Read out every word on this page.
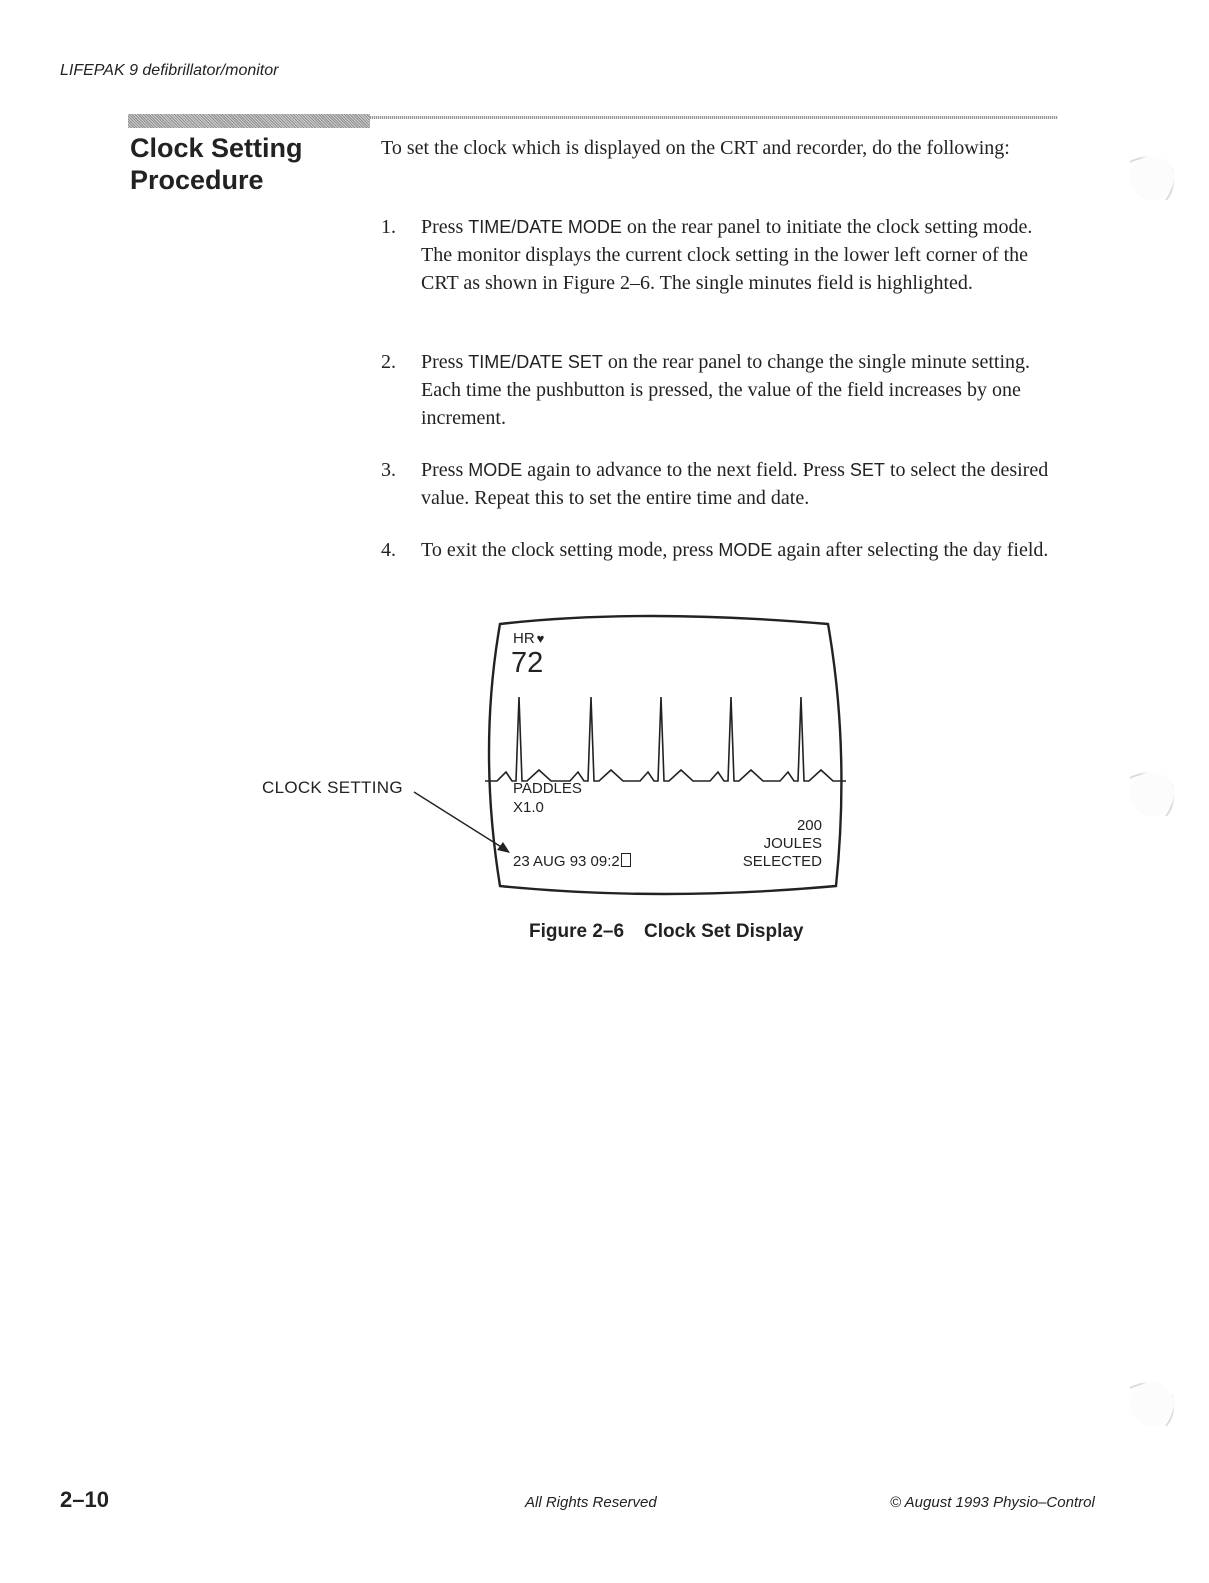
LIFEPAK 9 defibrillator/monitor
Clock Setting
Procedure
To set the clock which is displayed on the CRT and recorder, do the following:
1. Press TIME/DATE MODE on the rear panel to initiate the clock setting mode. The monitor displays the current clock setting in the lower left corner of the CRT as shown in Figure 2–6. The single minutes field is highlighted.
2. Press TIME/DATE SET on the rear panel to change the single minute setting. Each time the pushbutton is pressed, the value of the field increases by one increment.
3. Press MODE again to advance to the next field. Press SET to select the desired value. Repeat this to set the entire time and date.
4. To exit the clock setting mode, press MODE again after selecting the day field.
CLOCK SETTING
HR ♥
72
PADDLES
X1.0
200
JOULES
SELECTED
23 AUG 93 09:2
Figure 2–6 Clock Set Display
2–10	All Rights Reserved	© August 1993 Physio–Control
